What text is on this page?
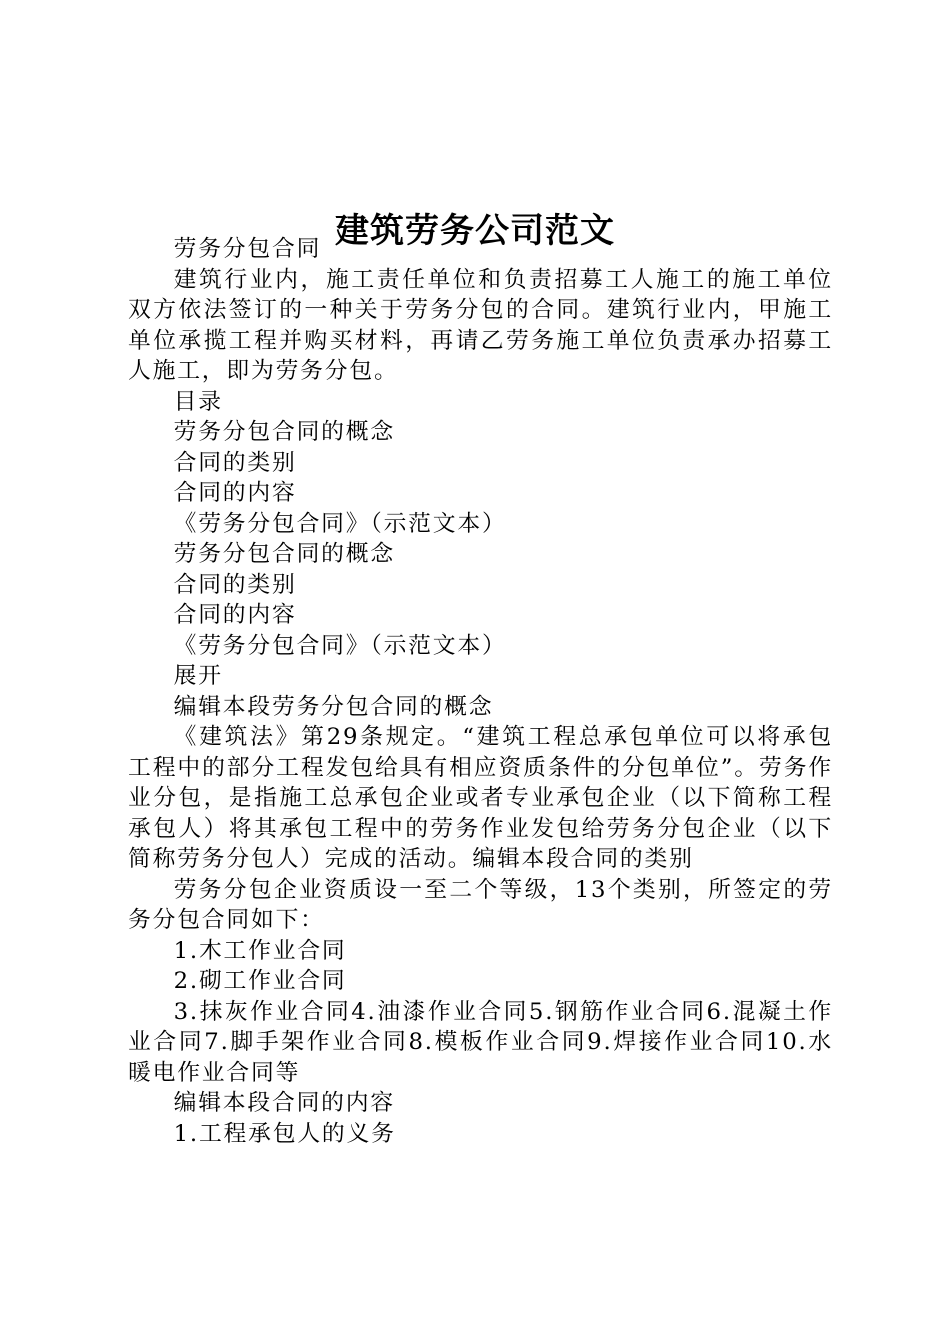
建筑劳务公司范文

劳务分包合同

建筑行业内，施工责任单位和负责招募工人施工的施工单位双方依法签订的一种关于劳务分包的合同。建筑行业内，甲施工单位承揽工程并购买材料，再请乙劳务施工单位负责承办招募工人施工，即为劳务分包。

目录

劳务分包合同的概念

合同的类别

合同的内容

《劳务分包合同》（示范文本）

劳务分包合同的概念

合同的类别

合同的内容

《劳务分包合同》（示范文本）

展开

编辑本段劳务分包合同的概念

《建筑法》第29条规定。“建筑工程总承包单位可以将承包工程中的部分工程发包给具有相应资质条件的分包单位”。劳务作业分包，是指施工总承包企业或者专业承包企业（以下简称工程承包人）将其承包工程中的劳务作业发包给劳务分包企业（以下简称劳务分包人）完成的活动。编辑本段合同的类别

劳务分包企业资质设一至二个等级，13个类别，所签定的劳务分包合同如下：

1.木工作业合同

2.砌工作业合同

3.抹灰作业合同4.油漆作业合同5.钢筋作业合同6.混凝土作业合同7.脚手架作业合同8.模板作业合同9.焊接作业合同10.水暖电作业合同等

编辑本段合同的内容

1.工程承包人的义务
